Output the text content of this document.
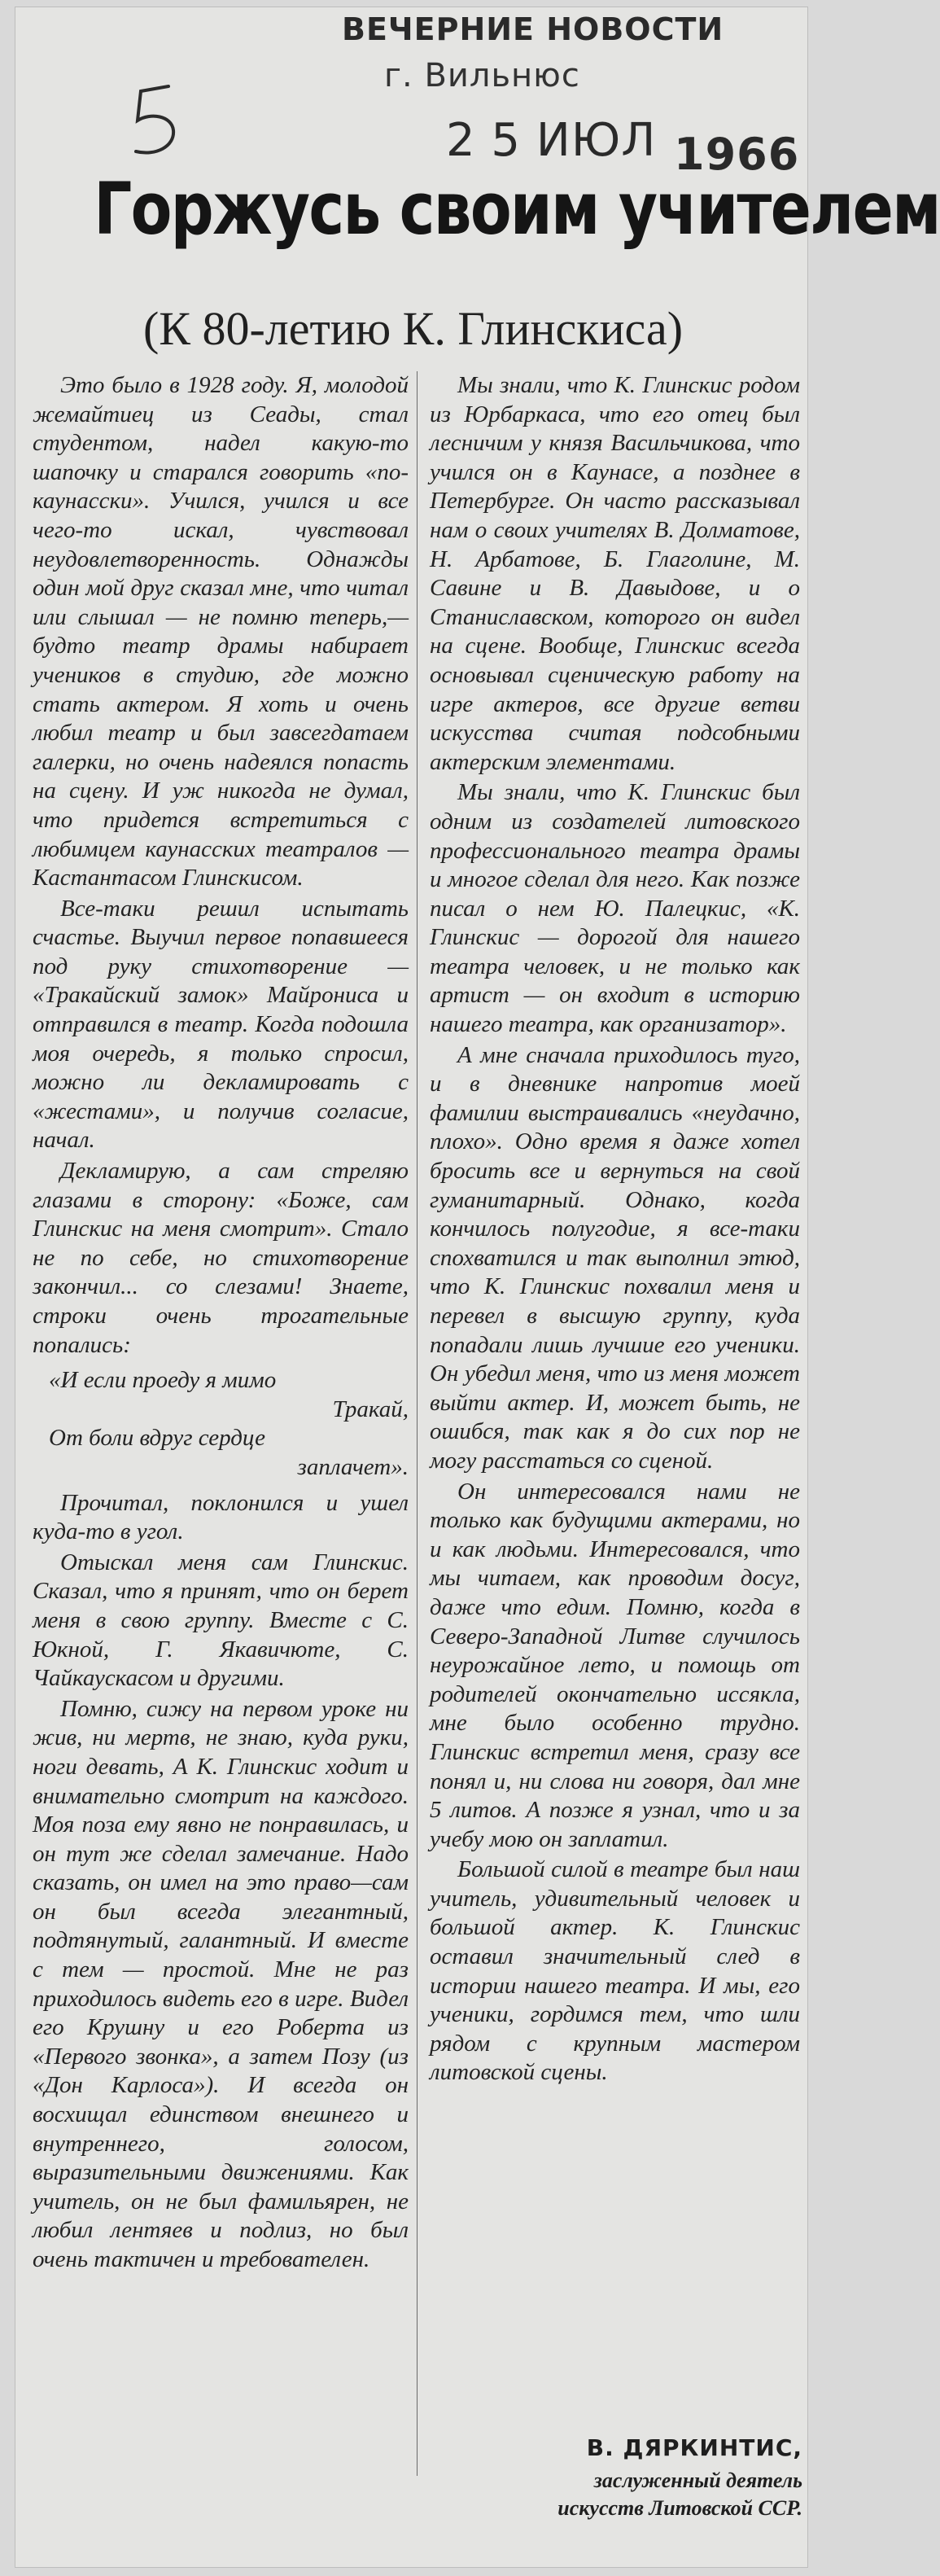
ВЕЧЕРНИЕ НОВОСТИ
г. Вильнюс
2 5 ИЮЛ 1966
Горжусь своим учителем
(К 80-летию К. Глинскиса)

Это было в 1928 году. Я, молодой жемайтиец из Сеады, стал студентом, надел какую-то шапочку и старался говорить «по-каунасски». Учился, учился и все чего-то искал, чувствовал неудовлетворенность. Однажды один мой друг сказал мне, что читал или слышал — не помню теперь,—будто театр драмы набирает учеников в студию, где можно стать актером. Я хоть и очень любил театр и был завсегдатаем галерки, но очень надеялся попасть на сцену. И уж никогда не думал, что придется встретиться с любимцем каунасских театралов — Кастантасом Глинскисом.

Все-таки решил испытать счастье. Выучил первое попавшееся под руку стихотворение — «Тракайский замок» Майрониса и отправился в театр. Когда подошла моя очередь, я только спросил, можно ли декламировать с «жестами», и получив согласие, начал.

Декламирую, а сам стреляю глазами в сторону: «Боже, сам Глинскис на меня смотрит». Стало не по себе, но стихотворение закончил... со слезами! Знаете, строки очень трогательные попались:

«И если проеду я мимо
Тракай,
От боли вдруг сердце
заплачет».

Прочитал, поклонился и ушел куда-то в угол.

Отыскал меня сам Глинскис. Сказал, что я принят, что он берет меня в свою группу. Вместе с С. Юкной, Г. Якавичюте, С. Чайкаускасом и другими.

Помню, сижу на первом уроке ни жив, ни мертв, не знаю, куда руки, ноги девать, А К. Глинскис ходит и внимательно смотрит на каждого. Моя поза ему явно не понравилась, и он тут же сделал замечание. Надо сказать, он имел на это право—сам он был всегда элегантный, подтянутый, галантный. И вместе с тем — простой. Мне не раз приходилось видеть его в игре. Видел его Крушну и его Роберта из «Первого звонка», а затем Позу (из «Дон Карлоса»). И всегда он восхищал единством внешнего и внутреннего, голосом, выразительными движениями. Как учитель, он не был фамильярен, не любил лентяев и подлиз, но был очень тактичен и требователен.

Мы знали, что К. Глинскис родом из Юрбаркаса, что его отец был лесничим у князя Васильчикова, что учился он в Каунасе, а позднее в Петербурге. Он часто рассказывал нам о своих учителях В. Долматове, Н. Арбатове, Б. Глаголине, М. Савине и В. Давыдове, и о Станиславском, которого он видел на сцене. Вообще, Глинскис всегда основывал сценическую работу на игре актеров, все другие ветви искусства считая подсобными актерским элементами.

Мы знали, что К. Глинскис был одним из создателей литовского профессионального театра драмы и многое сделал для него. Как позже писал о нем Ю. Палецкис, «К. Глинскис — дорогой для нашего театра человек, и не только как артист — он входит в историю нашего театра, как организатор».

А мне сначала приходилось туго, и в дневнике напротив моей фамилии выстраивались «неудачно, плохо». Одно время я даже хотел бросить все и вернуться на свой гуманитарный. Однако, когда кончилось полугодие, я все-таки спохватился и так выполнил этюд, что К. Глинскис похвалил меня и перевел в высшую группу, куда попадали лишь лучшие его ученики. Он убедил меня, что из меня может выйти актер. И, может быть, не ошибся, так как я до сих пор не могу расстаться со сценой.

Он интересовался нами не только как будущими актерами, но и как людьми. Интересовался, что мы читаем, как проводим досуг, даже что едим. Помню, когда в Северо-Западной Литве случилось неурожайное лето, и помощь от родителей окончательно иссякла, мне было особенно трудно. Глинскис встретил меня, сразу все понял и, ни слова ни говоря, дал мне 5 литов. А позже я узнал, что и за учебу мою он заплатил.

Большой силой в театре был наш учитель, удивительный человек и большой актер. К. Глинскис оставил значительный след в истории нашего театра. И мы, его ученики, гордимся тем, что шли рядом с крупным мастером литовской сцены.

В. ДЯРКИНТИС,
заслуженный деятель
искусств Литовской ССР.
